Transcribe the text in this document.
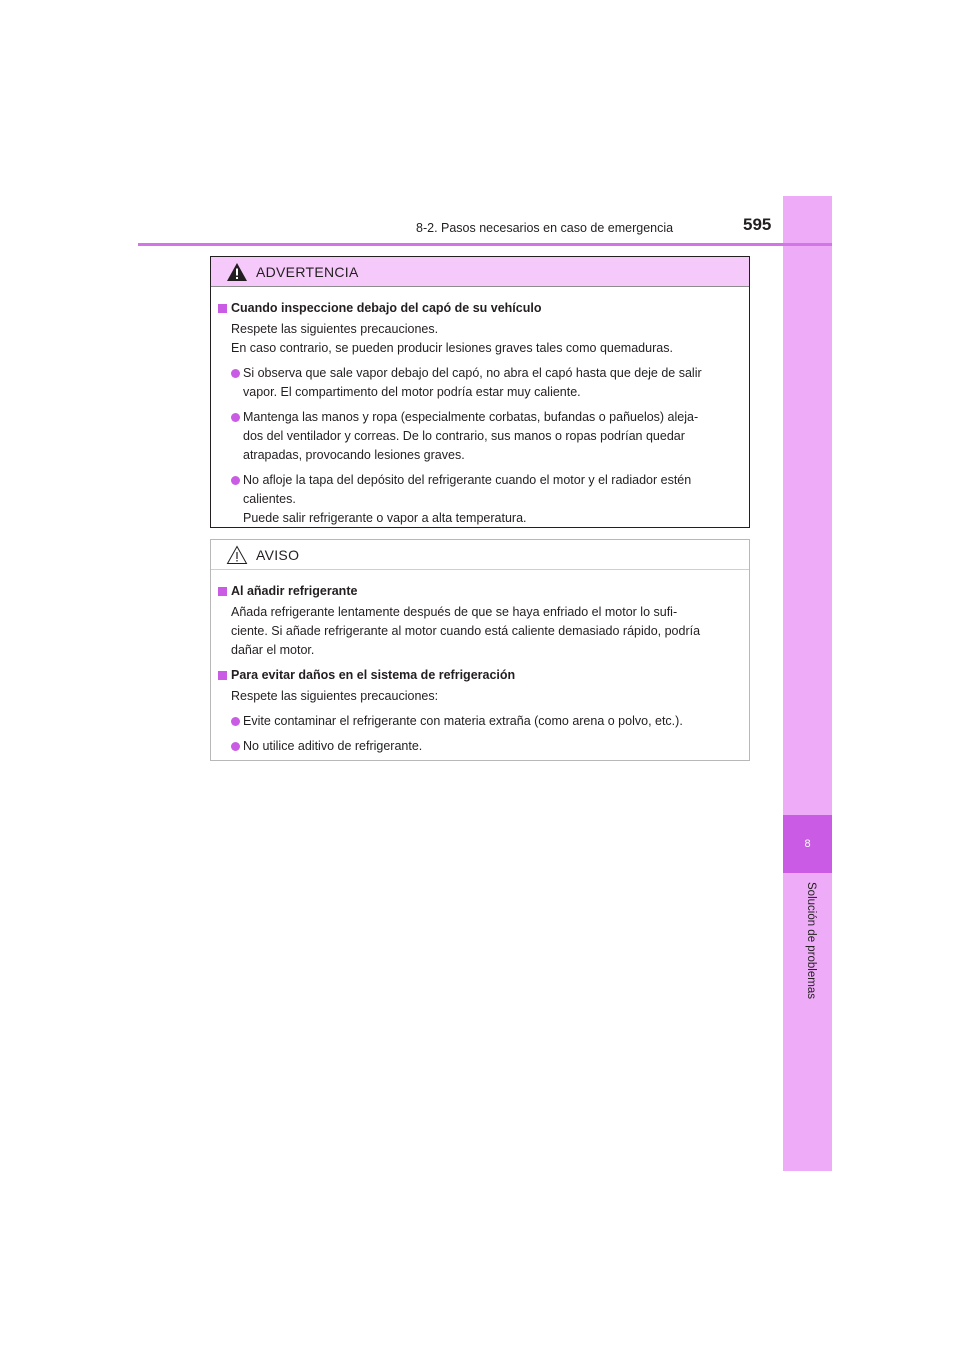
8
Solución de problemas
8-2. Pasos necesarios en caso de emergencia	595
ADVERTENCIA
Cuando inspeccione debajo del capó de su vehículo
Respete las siguientes precauciones.
En caso contrario, se pueden producir lesiones graves tales como quemaduras.
Si observa que sale vapor debajo del capó, no abra el capó hasta que deje de salir
vapor. El compartimento del motor podría estar muy caliente.
Mantenga las manos y ropa (especialmente corbatas, bufandas o pañuelos) aleja-
dos del ventilador y correas. De lo contrario, sus manos o ropas podrían quedar
atrapadas, provocando lesiones graves.
No afloje la tapa del depósito del refrigerante cuando el motor y el radiador estén
calientes.
Puede salir refrigerante o vapor a alta temperatura.
AVISO
Al añadir refrigerante
Añada refrigerante lentamente después de que se haya enfriado el motor lo sufi-
ciente. Si añade refrigerante al motor cuando está caliente demasiado rápido, podría
dañar el motor.
Para evitar daños en el sistema de refrigeración
Respete las siguientes precauciones:
Evite contaminar el refrigerante con materia extraña (como arena o polvo, etc.).
No utilice aditivo de refrigerante.
